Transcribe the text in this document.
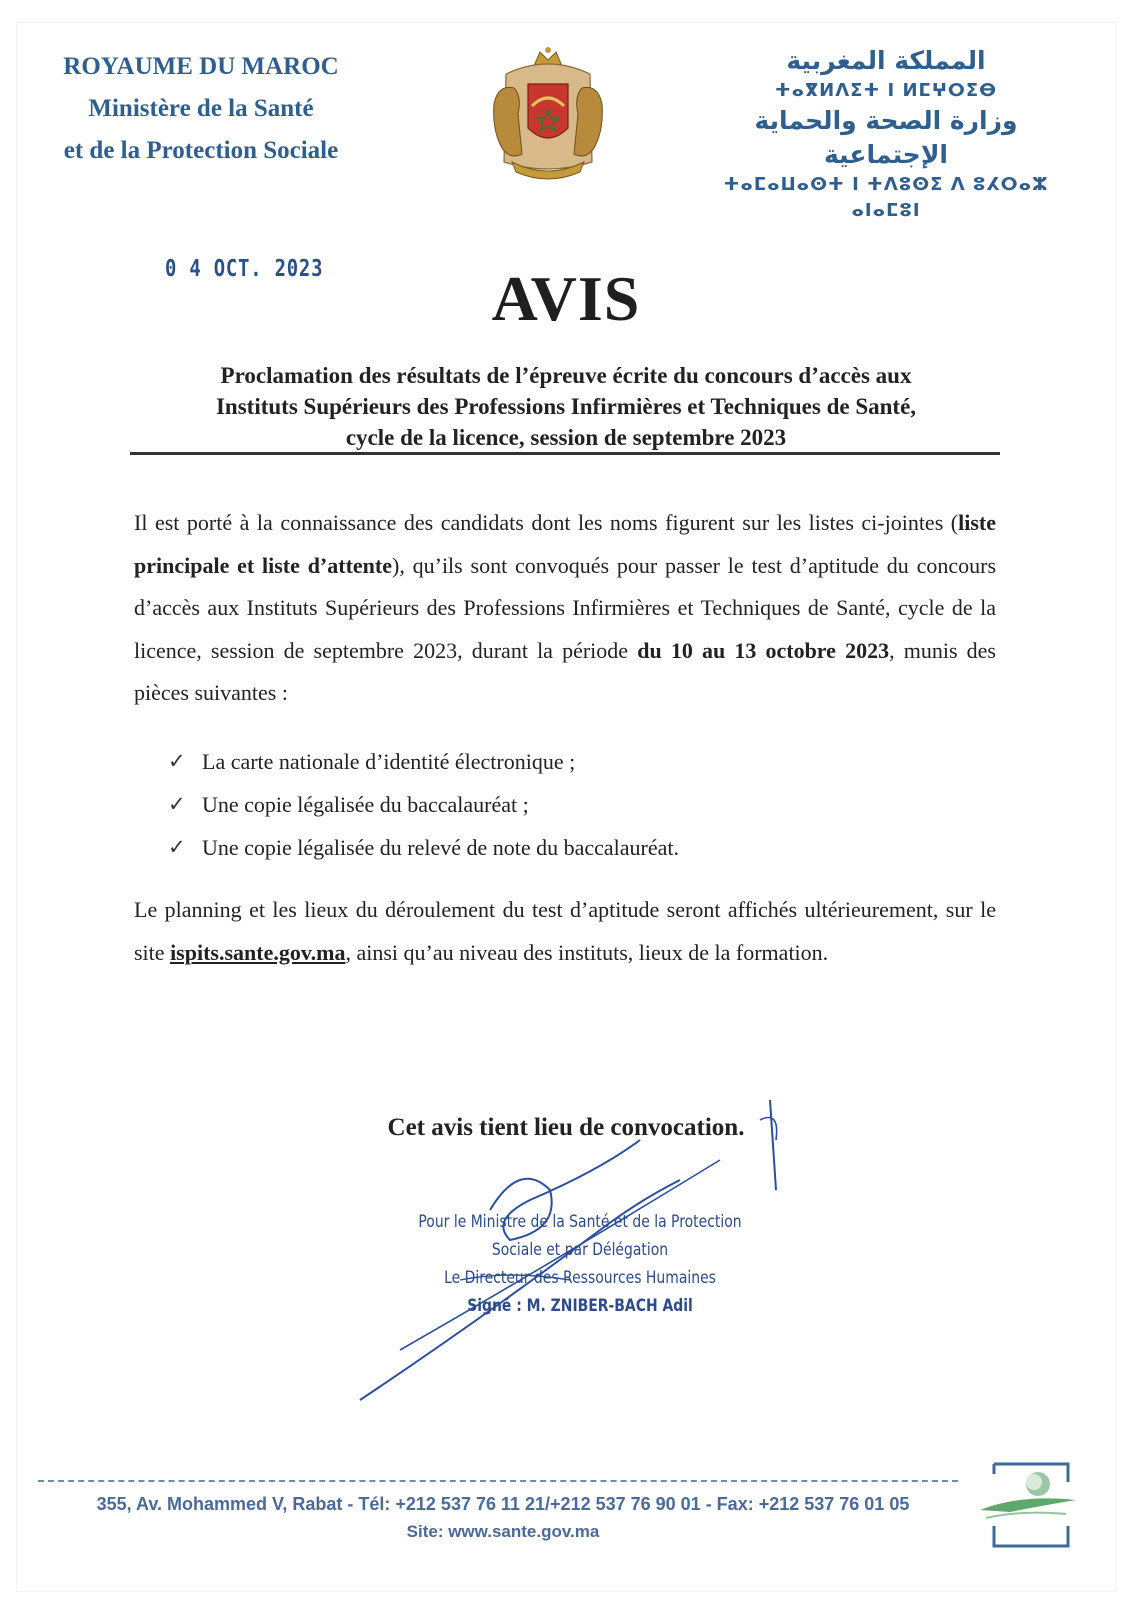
ROYAUME DU MAROC
Ministère de la Santé
et de la Protection Sociale
المملكة المغربية
ⵜⴰⴳⵍⴷⵉⵜ ⵏ ⵍⵎⵖⵔⵉⴱ
وزارة الصحة والحماية الإجتماعية
ⵜⴰⵎⴰⵡⴰⵙⵜ ⵏ ⵜⴷⵓⵙⵉ ⴷ ⵓⵃⵔⴰⵣ ⴰⵏⴰⵎⵓⵏ
0 4 OCT. 2023	AVIS
Proclamation des résultats de l’épreuve écrite du concours d’accès aux
Instituts Supérieurs des Professions Infirmières et Techniques de Santé,
cycle de la licence, session de septembre 2023
Il est porté à la connaissance des candidats dont les noms figurent sur les listes ci-jointes (liste principale et liste d’attente), qu’ils sont convoqués pour passer le test d’aptitude du concours d’accès aux Instituts Supérieurs des Professions Infirmières et Techniques de Santé, cycle de la licence, session de septembre 2023, durant la période du 10 au 13 octobre 2023, munis des pièces suivantes :
✓ La carte nationale d’identité électronique ;
✓ Une copie légalisée du baccalauréat ;
✓ Une copie légalisée du relevé de note du baccalauréat.
Le planning et les lieux du déroulement du test d’aptitude seront affichés ultérieurement, sur le site ispits.sante.gov.ma, ainsi qu’au niveau des instituts, lieux de la formation.
Cet avis tient lieu de convocation.
Pour le Ministre de la Santé et de la Protection
Sociale et par Délégation
Le Directeur des Ressources Humaines
Signé : M. ZNIBER-BACH Adil
355, Av. Mohammed V, Rabat - Tél: +212 537 76 11 21/+212 537 76 90 01 - Fax: +212 537 76 01 05
Site: www.sante.gov.ma
